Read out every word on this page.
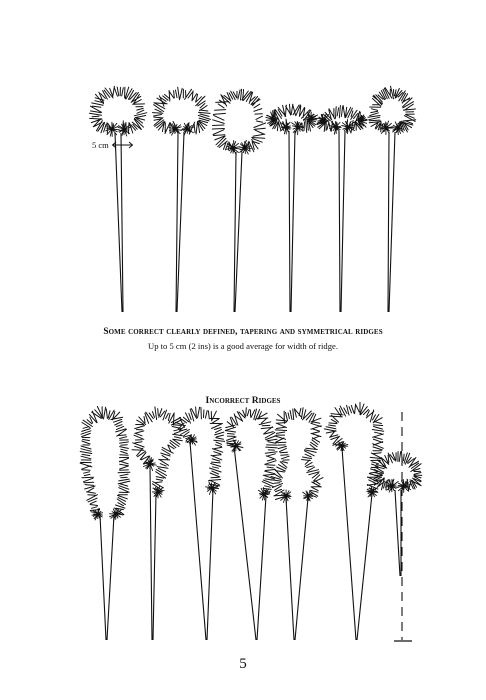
5 cm

Some correct clearly defined, tapering and symmetrical ridges

Up to 5 cm (2 ins) is a good average for width of ridge.

Incorrect Ridges

5
